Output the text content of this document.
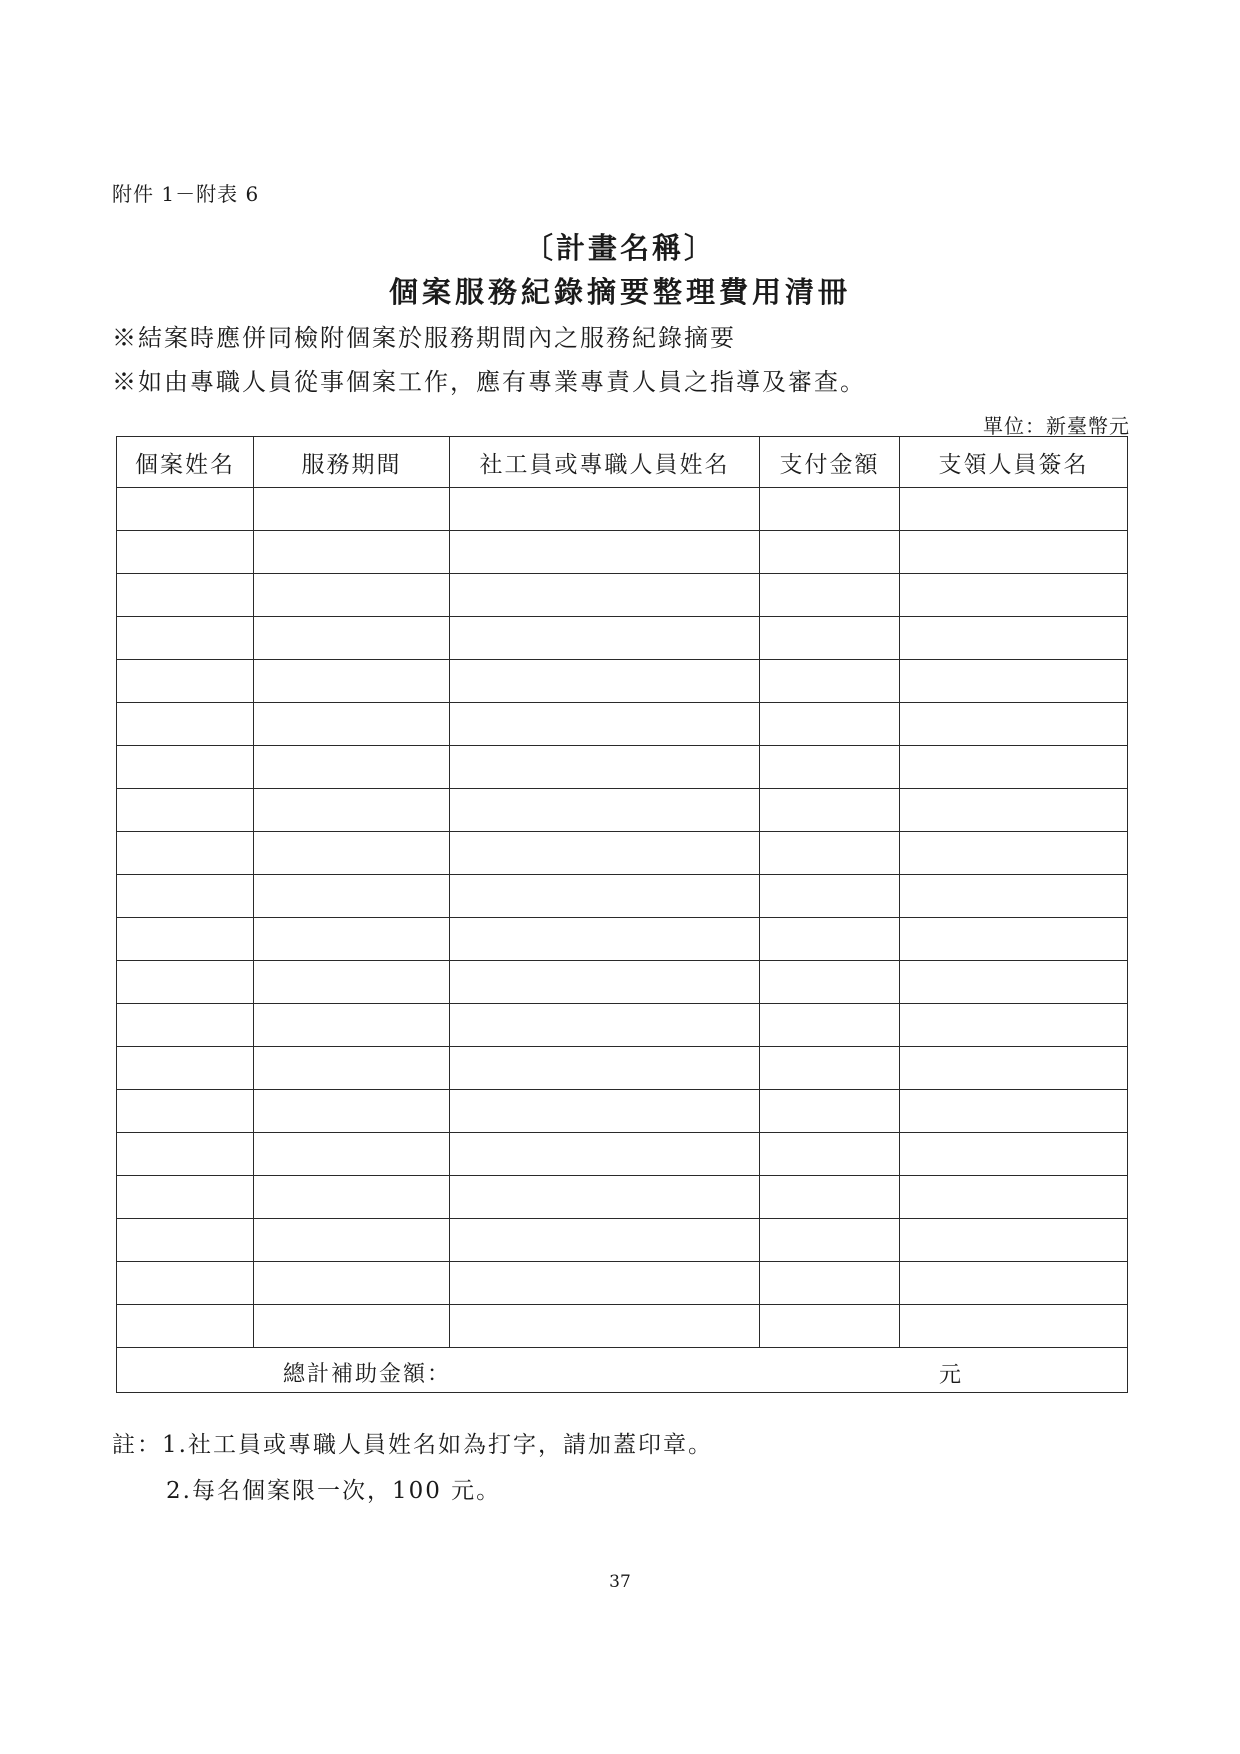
附件 1－附表 6
〔計畫名稱〕
個案服務紀錄摘要整理費用清冊
※結案時應併同檢附個案於服務期間內之服務紀錄摘要
※如由專職人員從事個案工作，應有專業專責人員之指導及審查。
單位：新臺幣元
個案姓名	服務期間	社工員或專職人員姓名	支付金額	支領人員簽名

總計補助金額： 元				
註：1.社工員或專職人員姓名如為打字，請加蓋印章。
2.每名個案限一次，100 元。
37
